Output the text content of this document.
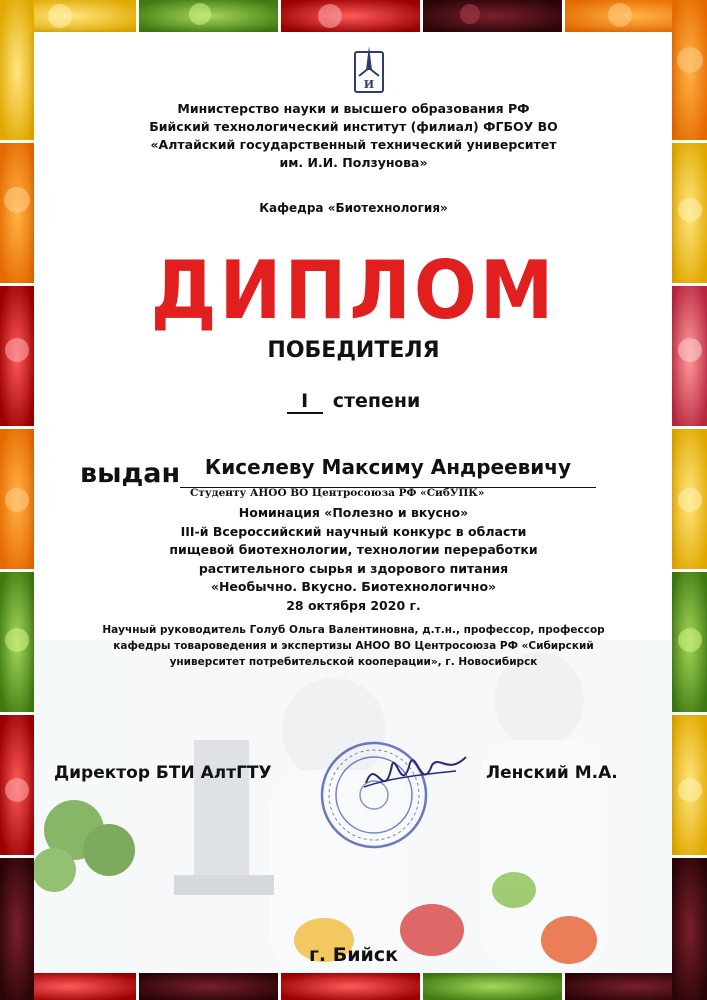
И
Министерство науки и высшего образования РФ
Бийский технологический институт (филиал) ФГБОУ ВО
«Алтайский государственный технический университет
им. И.И. Ползунова»
Кафедра «Биотехнология»
ДИПЛОМ
ПОБЕДИТЕЛЯ
I степени
выдан	Киселеву Максиму Андреевичу
Студенту АНОО ВО Центросоюза РФ «СибУПК»
Номинация «Полезно и вкусно»
III-й Всероссийский научный конкурс в области
пищевой биотехнологии, технологии переработки
растительного сырья и здорового питания
«Необычно. Вкусно. Биотехнологично»
28 октября 2020 г.
Научный руководитель Голуб Ольга Валентиновна, д.т.н., профессор, профессор
кафедры товароведения и экспертизы АНОО ВО Центросоюза РФ «Сибирский
университет потребительской кооперации», г. Новосибирск
Директор БТИ АлтГТУ	Ленский М.А.
г. Бийск
